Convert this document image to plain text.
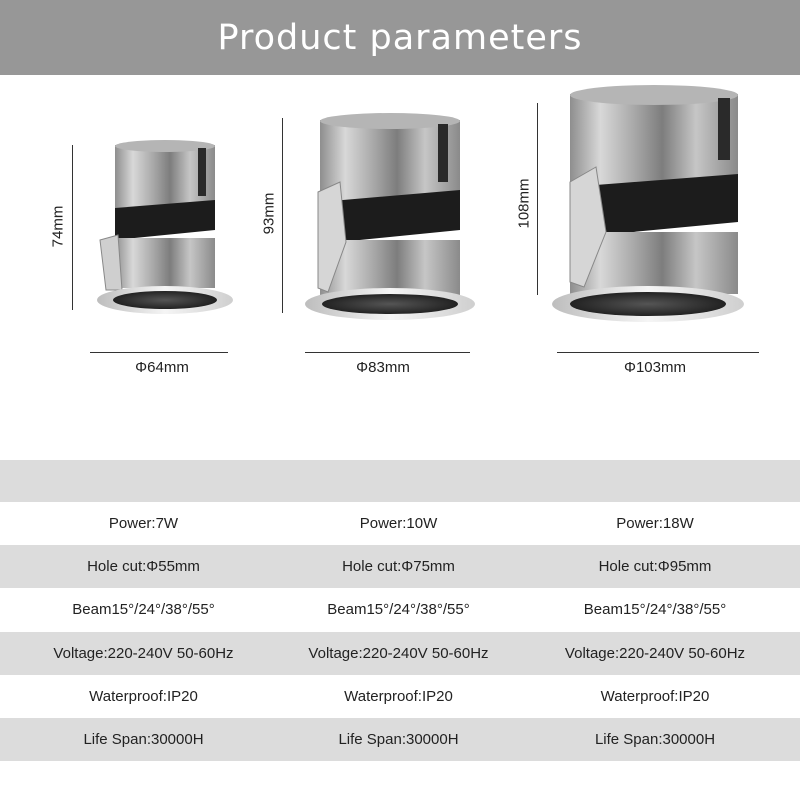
Product parameters
74mm
Φ64mm
93mm
Φ83mm
108mm
Φ103mm
Power:7W	Power:10W	Power:18W
Hole cut:Φ55mm	Hole cut:Φ75mm	Hole cut:Φ95mm
Beam15°/24°/38°/55°	Beam15°/24°/38°/55°	Beam15°/24°/38°/55°
Voltage:220-240V 50-60Hz	Voltage:220-240V 50-60Hz	Voltage:220-240V 50-60Hz
Waterproof:IP20	Waterproof:IP20	Waterproof:IP20
Life Span:30000H	Life Span:30000H	Life Span:30000H
